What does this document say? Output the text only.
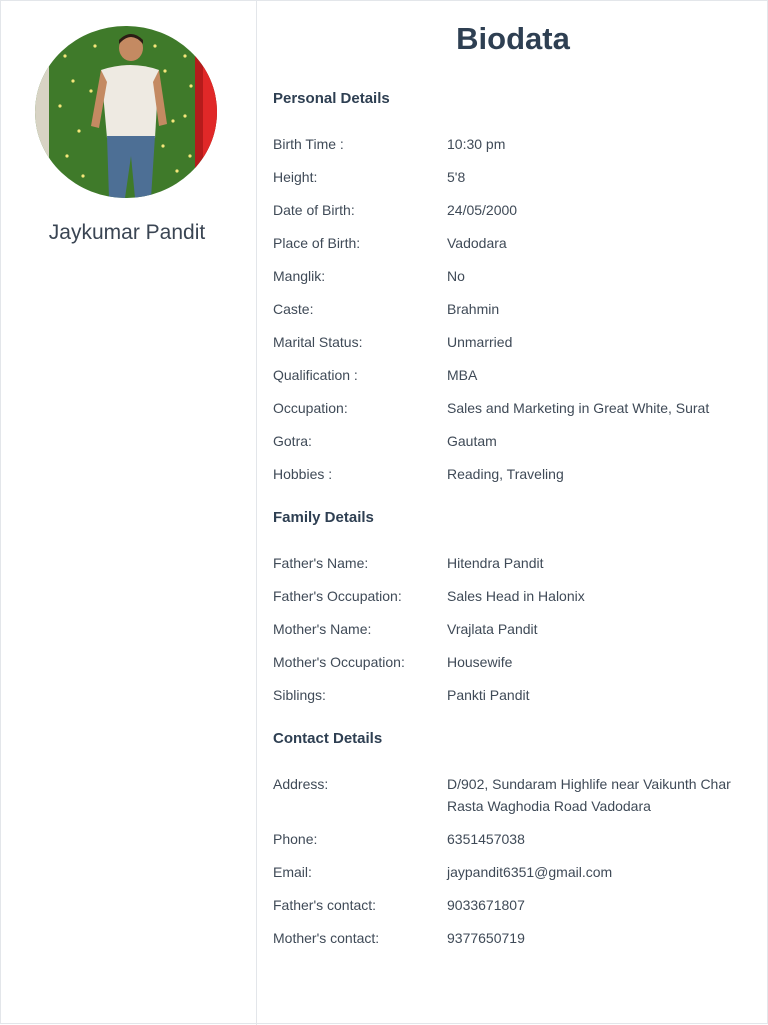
Jaykumar Pandit
Biodata
Personal Details
Birth Time :	10:30 pm
Height:	5'8
Date of Birth:	24/05/2000
Place of Birth:	Vadodara
Manglik:	No
Caste:	Brahmin
Marital Status:	Unmarried
Qualification :	MBA
Occupation:	Sales and Marketing in Great White, Surat
Gotra:	Gautam
Hobbies :	Reading, Traveling
Family Details
Father's Name:	Hitendra Pandit
Father's Occupation:	Sales Head in Halonix
Mother's Name:	Vrajlata Pandit
Mother's Occupation:	Housewife
Siblings:	Pankti Pandit
Contact Details
Address:	D/902, Sundaram Highlife near Vaikunth Char Rasta Waghodia Road Vadodara
Phone:	6351457038
Email:	jaypandit6351@gmail.com
Father's contact:	9033671807
Mother's contact:	9377650719
